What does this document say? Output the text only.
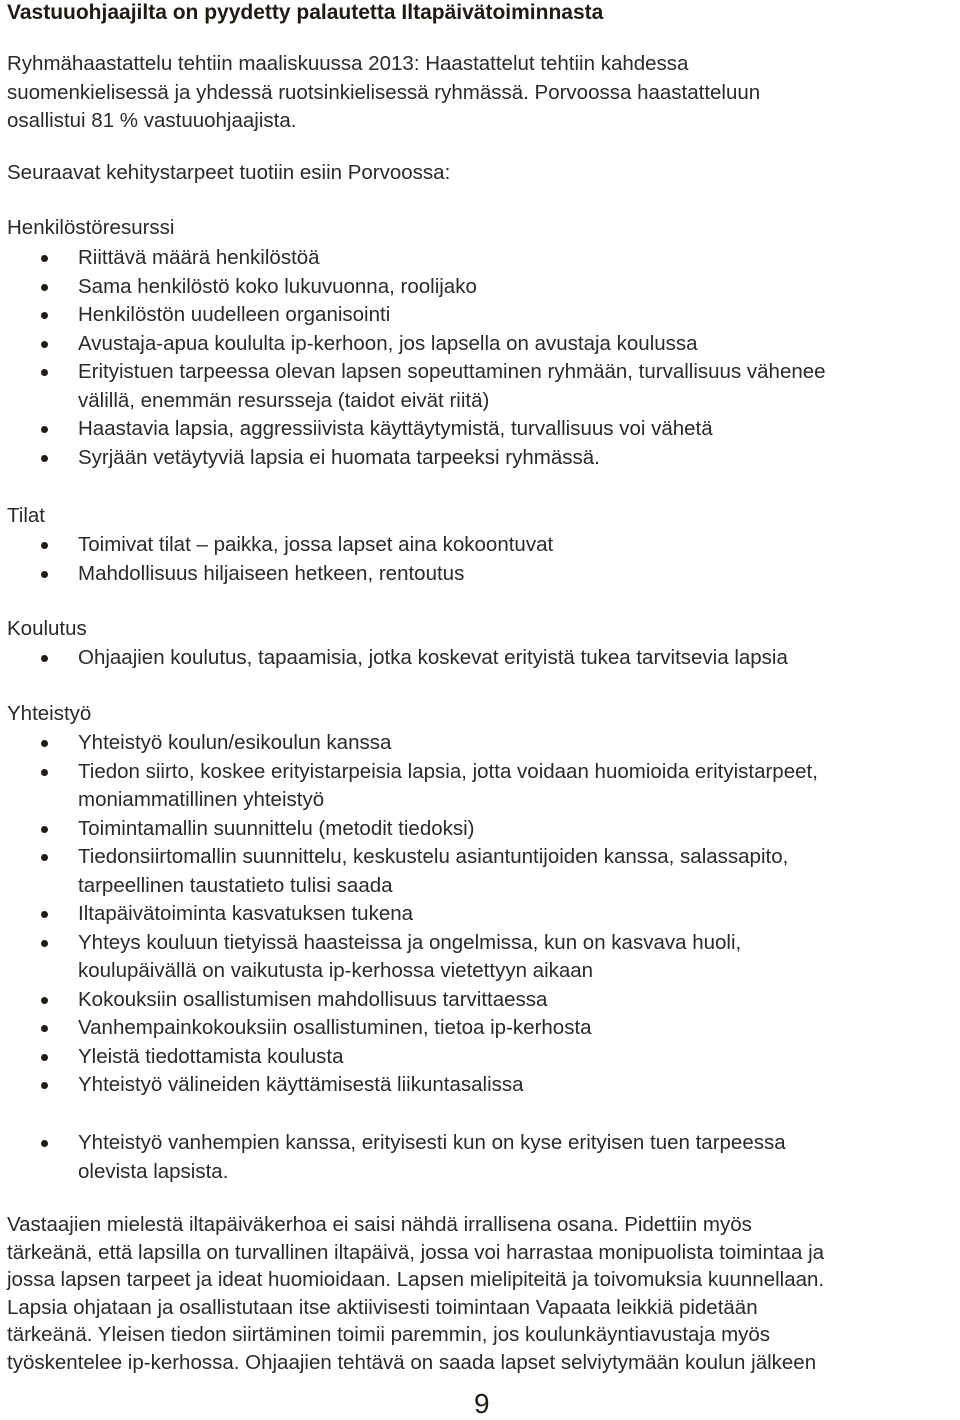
Vastuuohjaajilta on pyydetty palautetta Iltapäivätoiminnasta

Ryhmähaastattelu tehtiin maaliskuussa 2013: Haastattelut tehtiin kahdessa
suomenkielisessä ja yhdessä ruotsinkielisessä ryhmässä. Porvoossa haastatteluun
osallistui 81 % vastuuohjaajista.

Seuraavat kehitystarpeet tuotiin esiin Porvoossa:

Henkilöstöresurssi

Riittävä määrä henkilöstöä
Sama henkilöstö koko lukuvuonna, roolijako
Henkilöstön uudelleen organisointi
Avustaja-apua koululta ip-kerhoon, jos lapsella on avustaja koulussa
Erityistuen tarpeessa olevan lapsen sopeuttaminen ryhmään, turvallisuus vähenee
välillä, enemmän resursseja (taidot eivät riitä)
Haastavia lapsia, aggressiivista käyttäytymistä, turvallisuus voi vähetä
Syrjään vetäytyviä lapsia ei huomata tarpeeksi ryhmässä.

Tilat

Toimivat tilat – paikka, jossa lapset aina kokoontuvat
Mahdollisuus hiljaiseen hetkeen, rentoutus

Koulutus

Ohjaajien koulutus, tapaamisia, jotka koskevat erityistä tukea tarvitsevia lapsia

Yhteistyö

Yhteistyö koulun/esikoulun kanssa
Tiedon siirto, koskee erityistarpeisia lapsia, jotta voidaan huomioida erityistarpeet,
moniammatillinen yhteistyö
Toimintamallin suunnittelu (metodit tiedoksi)
Tiedonsiirtomallin suunnittelu, keskustelu asiantuntijoiden kanssa, salassapito,
tarpeellinen taustatieto tulisi saada
Iltapäivätoiminta kasvatuksen tukena
Yhteys kouluun tietyissä haasteissa ja ongelmissa, kun on kasvava huoli,
koulupäivällä on vaikutusta ip-kerhossa vietettyyn aikaan
Kokouksiin osallistumisen mahdollisuus tarvittaessa
Vanhempainkokouksiin osallistuminen, tietoa ip-kerhosta
Yleistä tiedottamista koulusta
Yhteistyö välineiden käyttämisestä liikuntasalissa
Yhteistyö vanhempien kanssa, erityisesti kun on kyse erityisen tuen tarpeessa
olevista lapsista.

Vastaajien mielestä iltapäiväkerhoa ei saisi nähdä irrallisena osana. Pidettiin myös
tärkeänä, että lapsilla on turvallinen iltapäivä, jossa voi harrastaa monipuolista toimintaa ja
jossa lapsen tarpeet ja ideat huomioidaan. Lapsen mielipiteitä ja toivomuksia kuunnellaan.
Lapsia ohjataan ja osallistutaan itse aktiivisesti toimintaan Vapaata leikkiä pidetään
tärkeänä. Yleisen tiedon siirtäminen toimii paremmin, jos koulunkäyntiavustaja myös
työskentelee ip-kerhossa. Ohjaajien tehtävä on saada lapset selviytymään koulun jälkeen

9
